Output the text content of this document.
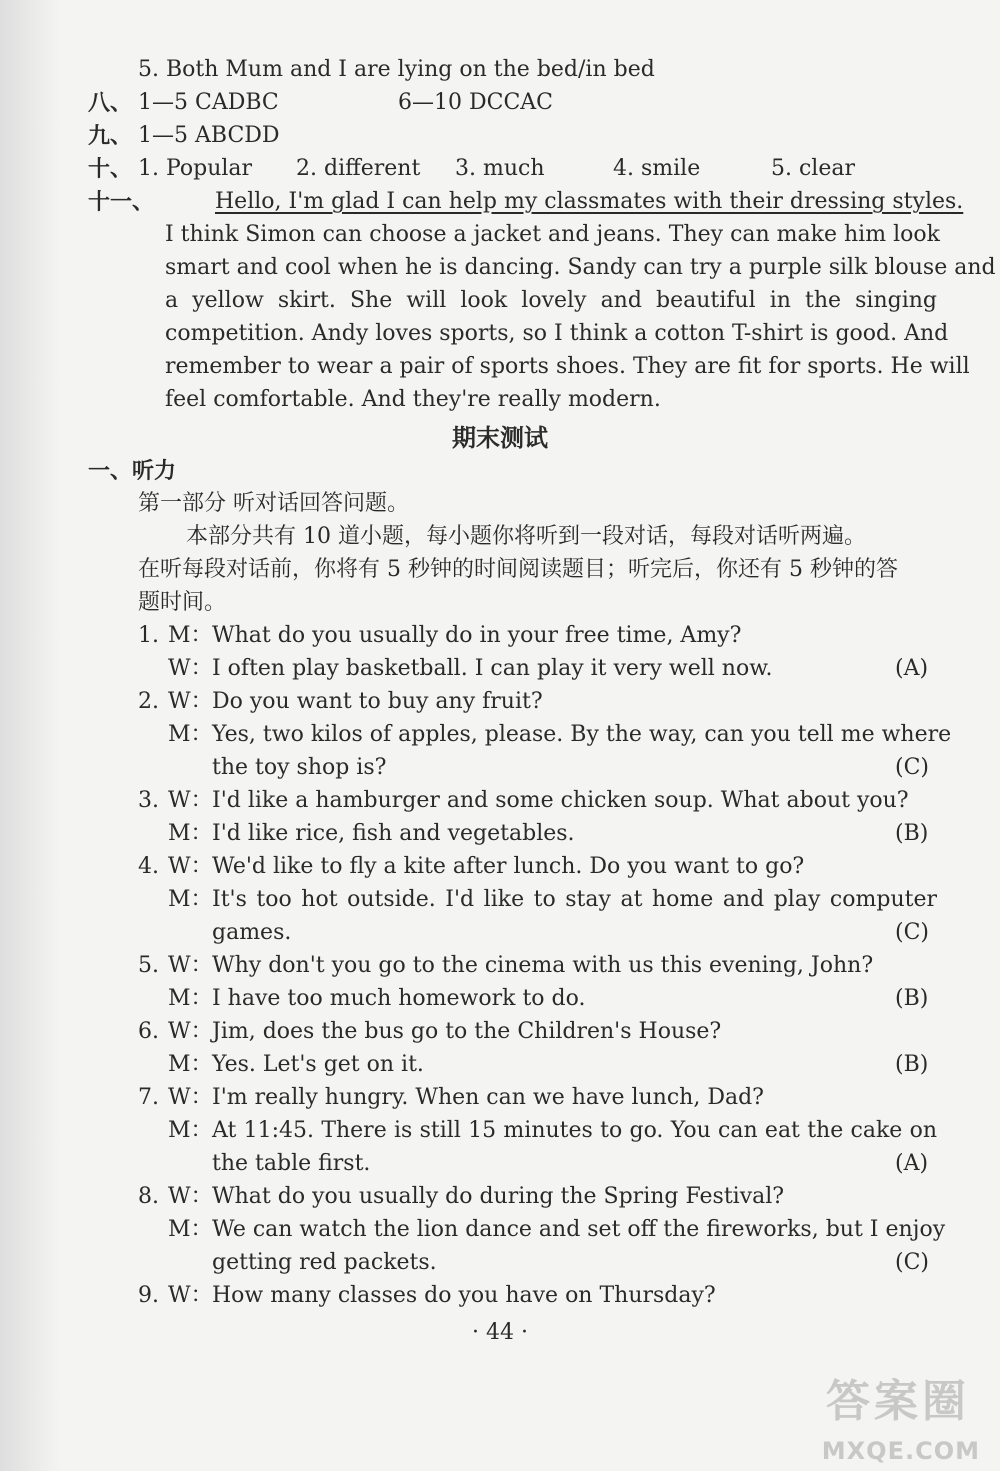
5. Both Mum and I are lying on the bed/in bed
八、 1—5 CADBC	6—10 DCCAC
九、 1—5 ABCDD
十、 1. Popular 2. different 3. much	4. smile	5. clear
十一、	Hello, I'm glad I can help my classmates with their dressing styles.
I think Simon can choose a jacket and jeans. They can make him look
smart and cool when he is dancing. Sandy can try a purple silk blouse and
a yellow skirt. She will look lovely and beautiful in the singing
competition. Andy loves sports, so I think a cotton T-shirt is good. And
remember to wear a pair of sports shoes. They are fit for sports. He will
feel comfortable. And they're really modern.
期末测试
一、听力
第一部分 听对话回答问题。
本部分共有 10 道小题，每小题你将听到一段对话，每段对话听两遍。
在听每段对话前，你将有 5 秒钟的时间阅读题目；听完后，你还有 5 秒钟的答
题时间。
1. M：What do you usually do in your free time, Amy?
W：I often play basketball. I can play it very well now.	(A)
2. W：Do you want to buy any fruit?
M：Yes, two kilos of apples, please. By the way, can you tell me where
the toy shop is?	(C)
3. W：I'd like a hamburger and some chicken soup. What about you?
M：I'd like rice, fish and vegetables.	(B)
4. W：We'd like to fly a kite after lunch. Do you want to go?
M：It's too hot outside. I'd like to stay at home and play computer
games.	(C)
5. W：Why don't you go to the cinema with us this evening, John?
M：I have too much homework to do.	(B)
6. W：Jim, does the bus go to the Children's House?
M：Yes. Let's get on it.	(B)
7. W：I'm really hungry. When can we have lunch, Dad?
M：At 11:45. There is still 15 minutes to go. You can eat the cake on
the table first.	(A)
8. W：What do you usually do during the Spring Festival?
M：We can watch the lion dance and set off the fireworks, but I enjoy
getting red packets.	(C)
9. W：How many classes do you have on Thursday?
· 44 ·
答案圈
MXQE.COM
